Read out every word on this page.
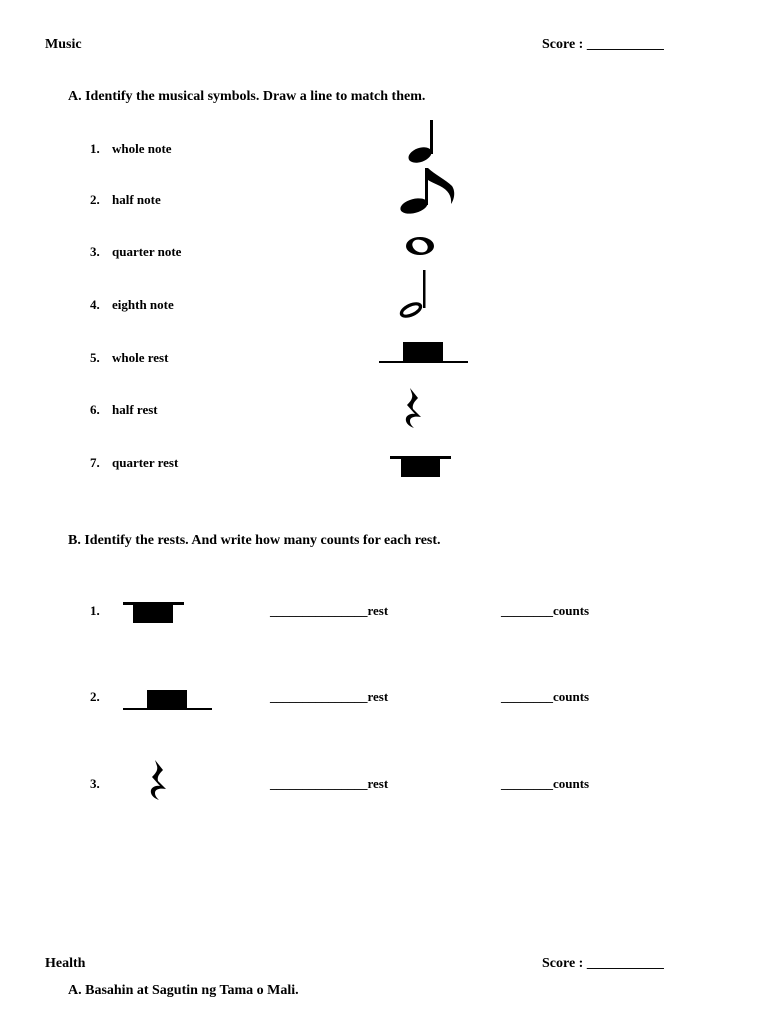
Music	Score : ___________
A. Identify the musical symbols. Draw a line to match them.
1. whole note
2. half note
3. quarter note
4. eighth note
5. whole rest
6. half rest
7. quarter rest
B. Identify the rests. And write how many counts for each rest.
1.	_______________rest	________counts
2.	_______________rest	________counts
3.	_______________rest	________counts
Health	Score : ___________
A. Basahin at Sagutin ng Tama o Mali.
